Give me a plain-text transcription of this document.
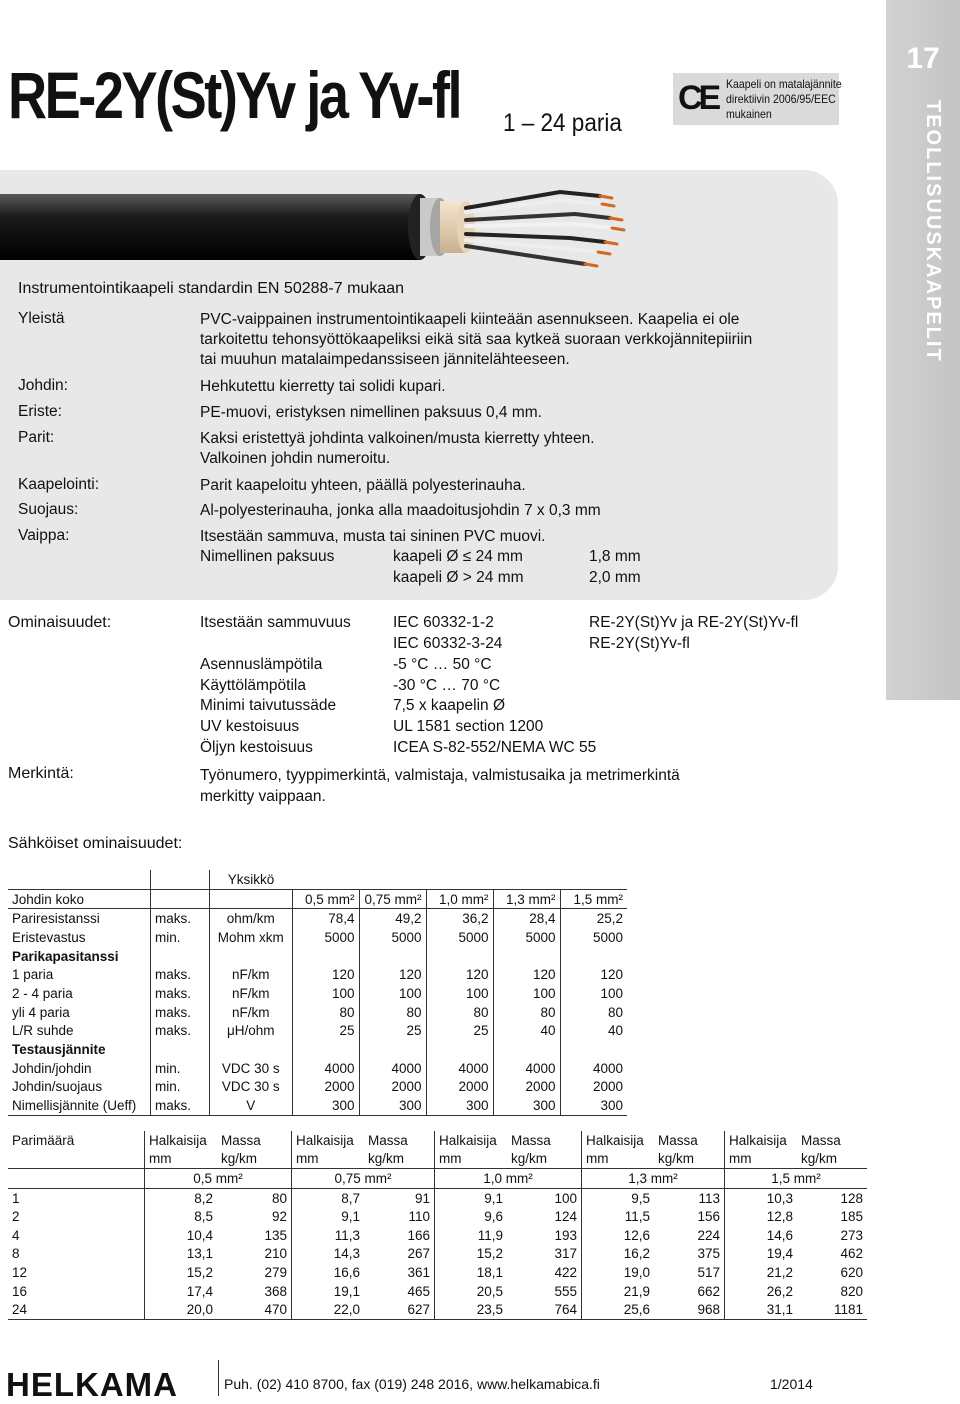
17
TEOLLISUUSKAAPELIT
RE-2Y(St)Yv ja Yv-fl 1 – 24 paria
CE Kaapeli on matalajännite
direktiivin 2006/95/EEC
mukainen
Instrumentointikaapeli standardin EN 50288-7 mukaan
Yleistä	PVC-vaippainen instrumentointikaapeli kiinteään asennukseen. Kaapelia ei ole
tarkoitettu tehonsyöttökaapeliksi eikä sitä saa kytkeä suoraan verkkojännitepiiriin
tai muuhun matalaimpedanssiseen jännitelähteeseen.
Johdin:	Hehkutettu kierretty tai solidi kupari.
Eriste:	PE-muovi, eristyksen nimellinen paksuus 0,4 mm.
Parit:	Kaksi eristettyä johdinta valkoinen/musta kierretty yhteen.
Valkoinen johdin numeroitu.
Kaapelointi:	Parit kaapeloitu yhteen, päällä polyesterinauha.
Suojaus:	Al-polyesterinauha, jonka alla maadoitusjohdin 7 x 0,3 mm
Vaippa:	Itsestään sammuva, musta tai sininen PVC muovi.
Nimellinen paksuus	kaapeli Ø ≤ 24 mm	1,8 mm
kaapeli Ø > 24 mm	2,0 mm
Ominaisuudet:	Itsestään sammuvuus	IEC 60332-1-2	RE-2Y(St)Yv ja RE-2Y(St)Yv-fl
IEC 60332-3-24	RE-2Y(St)Yv-fl
Asennuslämpötila	-5 °C … 50 °C
Käyttölämpötila	-30 °C … 70 °C
Minimi taivutussäde	7,5 x kaapelin Ø
UV kestoisuus	UL 1581 section 1200
Öljyn kestoisuus	ICEA S-82-552/NEMA WC 55
Merkintä:	Työnumero, tyyppimerkintä, valmistaja, valmistusaika ja metrimerkintä
merkitty vaippaan.
Sähköiset ominaisuudet:
		Yksikkö					
Johdin koko			0,5 mm²	0,75 mm²	1,0 mm²	1,3 mm²	1,5 mm²
Pariresistanssi	maks.	ohm/km	78,4	49,2	36,2	28,4	25,2
Eristevastus	min.	Mohm xkm	5000	5000	5000	5000	5000
Parikapasitanssi							
1 paria	maks.	nF/km	120	120	120	120	120
2 - 4 paria	maks.	nF/km	100	100	100	100	100
yli 4 paria	maks.	nF/km	80	80	80	80	80
L/R suhde	maks.	μH/ohm	25	25	25	40	40
Testausjännite							
Johdin/johdin	min.	VDC 30 s	4000	4000	4000	4000	4000
Johdin/suojaus	min.	VDC 30 s	2000	2000	2000	2000	2000
Nimellisjännite (Ueff)	maks.	V	300	300	300	300	300
Parimäärä	Halkaisija	Massa	Halkaisija	Massa	Halkaisija	Massa	Halkaisija	Massa	Halkaisija	Massa
	mm	kg/km	mm	kg/km	mm	kg/km	mm	kg/km	mm	kg/km
	0,5 mm²		0,75 mm²		1,0 mm²		1,3 mm²		1,5 mm²	
1	8,2	80	8,7	91	9,1	100	9,5	113	10,3	128
2	8,5	92	9,1	110	9,6	124	11,5	156	12,8	185
4	10,4	135	11,3	166	11,9	193	12,6	224	14,6	273
8	13,1	210	14,3	267	15,2	317	16,2	375	19,4	462
12	15,2	279	16,6	361	18,1	422	19,0	517	21,2	620
16	17,4	368	19,1	465	20,5	555	21,9	662	26,2	820
24	20,0	470	22,0	627	23,5	764	25,6	968	31,1	1181
HELKAMA	Puh. (02) 410 8700, fax (019) 248 2016, www.helkamabica.fi	1/2014
